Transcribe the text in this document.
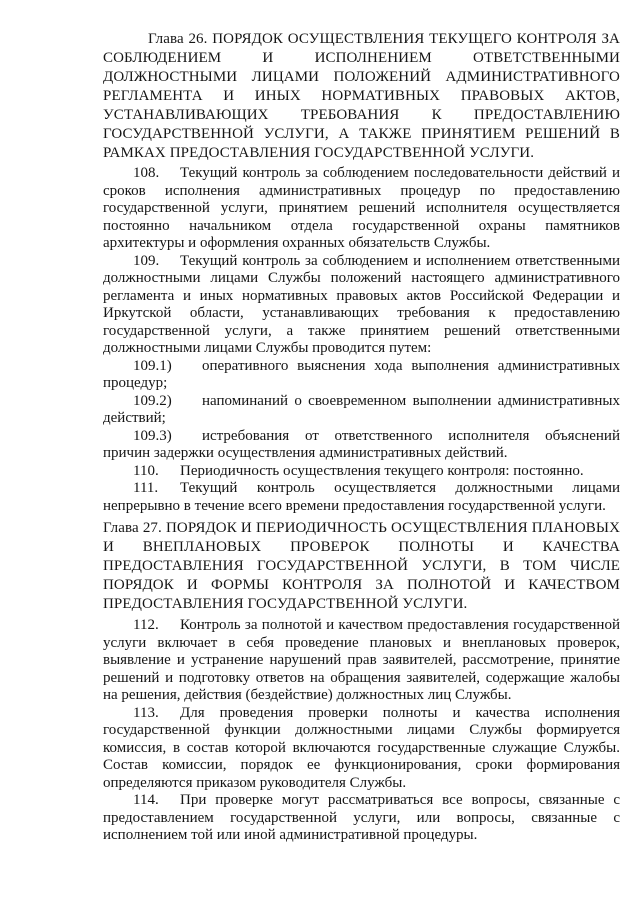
Глава 26. ПОРЯДОК ОСУЩЕСТВЛЕНИЯ ТЕКУЩЕГО КОНТРОЛЯ ЗА СОБЛЮДЕНИЕМ И ИСПОЛНЕНИЕМ ОТВЕТСТВЕННЫМИ ДОЛЖНОСТНЫМИ ЛИЦАМИ ПОЛОЖЕНИЙ АДМИНИСТРАТИВНОГО РЕГЛАМЕНТА И ИНЫХ НОРМАТИВНЫХ ПРАВОВЫХ АКТОВ, УСТАНАВЛИВАЮЩИХ ТРЕБОВАНИЯ К ПРЕДОСТАВЛЕНИЮ ГОСУДАРСТВЕННОЙ УСЛУГИ, А ТАКЖЕ ПРИНЯТИЕМ РЕШЕНИЙ В РАМКАХ ПРЕДОСТАВЛЕНИЯ ГОСУДАРСТВЕННОЙ УСЛУГИ.

108. Текущий контроль за соблюдением последовательности действий и сроков исполнения административных процедур по предоставлению государственной услуги, принятием решений исполнителя осуществляется постоянно начальником отдела государственной охраны памятников архитектуры и оформления охранных обязательств Службы.

109. Текущий контроль за соблюдением и исполнением ответственными должностными лицами Службы положений настоящего административного регламента и иных нормативных правовых актов Российской Федерации и Иркутской области, устанавливающих требования к предоставлению государственной услуги, а также принятием решений ответственными должностными лицами Службы проводится путем:

109.1) оперативного выяснения хода выполнения административных процедур;

109.2) напоминаний о своевременном выполнении административных действий;

109.3) истребования от ответственного исполнителя объяснений причин задержки осуществления административных действий.

110. Периодичность осуществления текущего контроля: постоянно.

111. Текущий контроль осуществляется должностными лицами непрерывно в течение всего времени предоставления государственной услуги.

Глава 27. ПОРЯДОК И ПЕРИОДИЧНОСТЬ ОСУЩЕСТВЛЕНИЯ ПЛАНОВЫХ И ВНЕПЛАНОВЫХ ПРОВЕРОК ПОЛНОТЫ И КАЧЕСТВА ПРЕДОСТАВЛЕНИЯ ГОСУДАРСТВЕННОЙ УСЛУГИ, В ТОМ ЧИСЛЕ ПОРЯДОК И ФОРМЫ КОНТРОЛЯ ЗА ПОЛНОТОЙ И КАЧЕСТВОМ ПРЕДОСТАВЛЕНИЯ ГОСУДАРСТВЕННОЙ УСЛУГИ.

112. Контроль за полнотой и качеством предоставления государственной услуги включает в себя проведение плановых и внеплановых проверок, выявление и устранение нарушений прав заявителей, рассмотрение, принятие решений и подготовку ответов на обращения заявителей, содержащие жалобы на решения, действия (бездействие) должностных лиц Службы.

113. Для проведения проверки полноты и качества исполнения государственной функции должностными лицами Службы формируется комиссия, в состав которой включаются государственные служащие Службы. Состав комиссии, порядок ее функционирования, сроки формирования определяются приказом руководителя Службы.

114. При проверке могут рассматриваться все вопросы, связанные с предоставлением государственной услуги, или вопросы, связанные с исполнением той или иной административной процедуры.
